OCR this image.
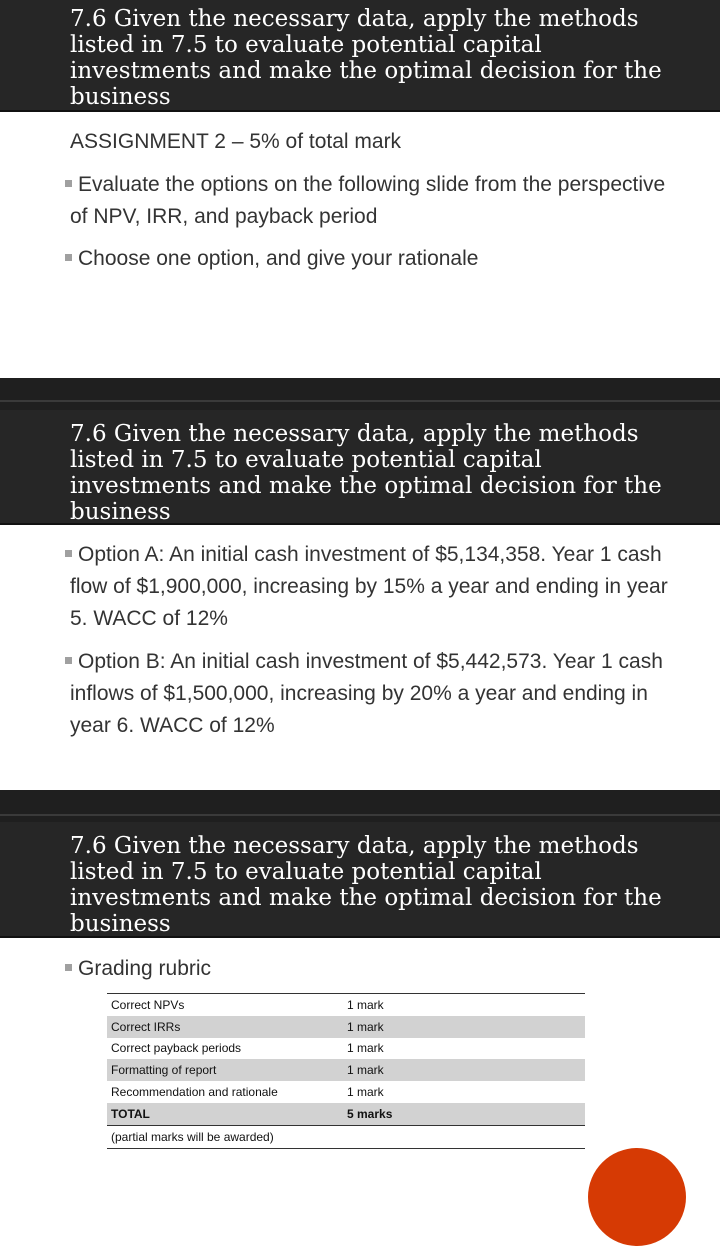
7.6 Given the necessary data, apply the methods listed in 7.5 to evaluate potential capital investments and make the optimal decision for the business

ASSIGNMENT 2 – 5% of total mark

Evaluate the options on the following slide from the perspective of NPV, IRR, and payback period

Choose one option, and give your rationale

7.6 Given the necessary data, apply the methods listed in 7.5 to evaluate potential capital investments and make the optimal decision for the business

Option A: An initial cash investment of $5,134,358. Year 1 cash flow of $1,900,000, increasing by 15% a year and ending in year 5. WACC of 12%

Option B: An initial cash investment of $5,442,573. Year 1 cash inflows of $1,500,000, increasing by 20% a year and ending in year 6. WACC of 12%

7.6 Given the necessary data, apply the methods listed in 7.5 to evaluate potential capital investments and make the optimal decision for the business

Grading rubric

Correct NPVs	1 mark
Correct IRRs	1 mark
Correct payback periods	1 mark
Formatting of report	1 mark
Recommendation and rationale	1 mark
TOTAL	5 marks
(partial marks will be awarded)	
